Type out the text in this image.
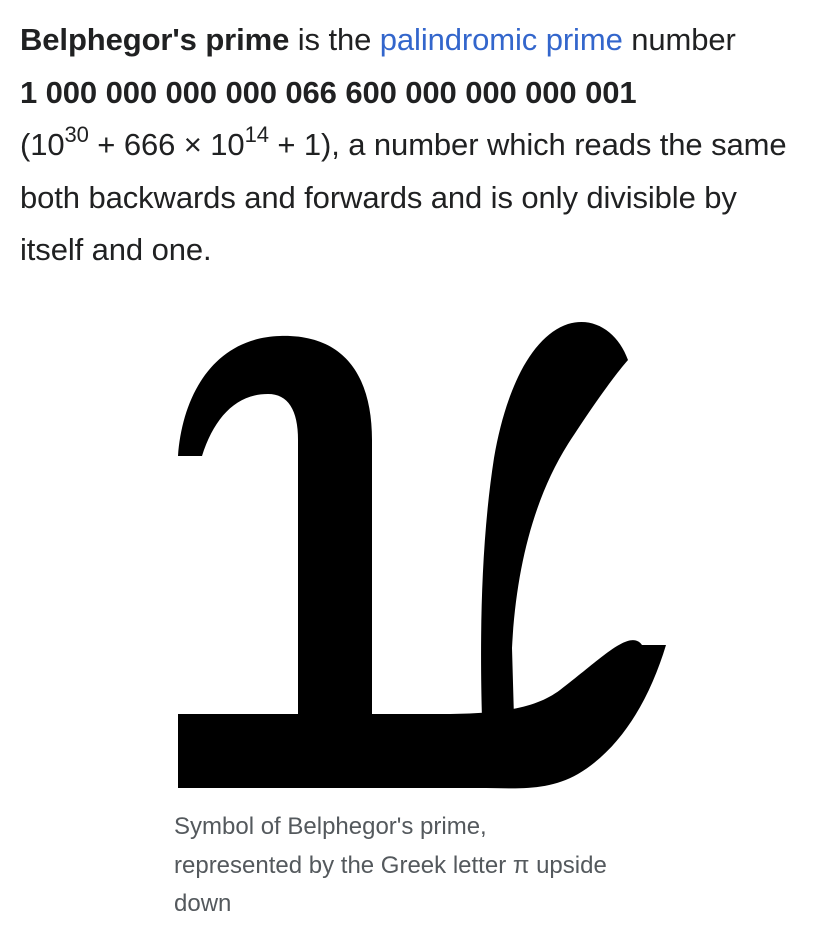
Belphegor's prime is the palindromic prime number
1 000 000 000 000 066 600 000 000 000 001
$(10^{30} + 666 \times 10^{14} + 1)$, a number which reads the same both backwards and forwards and is only divisible by itself and one.
Symbol of Belphegor's prime,
represented by the Greek letter π upside
down
